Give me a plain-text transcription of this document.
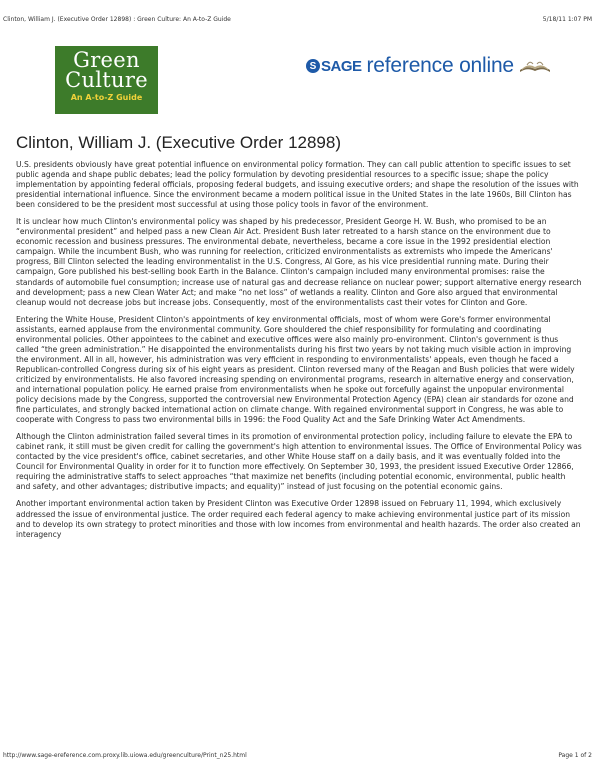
Clinton, William J. (Executive Order 12898) : Green Culture: An A-to-Z Guide	5/18/11 1:07 PM
Green
Culture
An A-to-Z Guide
S SAGE reference online
Clinton, William J. (Executive Order 12898)

U.S. presidents obviously have great potential influence on environmental policy formation. They can call public attention to specific issues to set public agenda and shape public debates; lead the policy formulation by devoting presidential resources to a specific issue; shape the policy implementation by appointing federal officials, proposing federal budgets, and issuing executive orders; and shape the resolution of the issues with presidential international influence. Since the environment became a modern political issue in the United States in the late 1960s, Bill Clinton has been considered to be the president most successful at using those policy tools in favor of the environment.

It is unclear how much Clinton's environmental policy was shaped by his predecessor, President George H. W. Bush, who promised to be an “environmental president” and helped pass a new Clean Air Act. President Bush later retreated to a harsh stance on the environment due to economic recession and business pressures. The environmental debate, nevertheless, became a core issue in the 1992 presidential election campaign. While the incumbent Bush, who was running for reelection, criticized environmentalists as extremists who impede the Americans' progress, Bill Clinton selected the leading environmentalist in the U.S. Congress, Al Gore, as his vice presidential running mate. During their campaign, Gore published his best-selling book Earth in the Balance. Clinton's campaign included many environmental promises: raise the standards of automobile fuel consumption; increase use of natural gas and decrease reliance on nuclear power; support alternative energy research and development; pass a new Clean Water Act; and make “no net loss” of wetlands a reality. Clinton and Gore also argued that environmental cleanup would not decrease jobs but increase jobs. Consequently, most of the environmentalists cast their votes for Clinton and Gore.

Entering the White House, President Clinton's appointments of key environmental officials, most of whom were Gore's former environmental assistants, earned applause from the environmental community. Gore shouldered the chief responsibility for formulating and coordinating environmental policies. Other appointees to the cabinet and executive offices were also mainly pro-environment. Clinton's government is thus called “the green administration.” He disappointed the environmentalists during his first two years by not taking much visible action in improving the environment. All in all, however, his administration was very efficient in responding to environmentalists' appeals, even though he faced a Republican-controlled Congress during six of his eight years as president. Clinton reversed many of the Reagan and Bush policies that were widely criticized by environmentalists. He also favored increasing spending on environmental programs, research in alternative energy and conservation, and international population policy. He earned praise from environmentalists when he spoke out forcefully against the unpopular environmental policy decisions made by the Congress, supported the controversial new Environmental Protection Agency (EPA) clean air standards for ozone and fine particulates, and strongly backed international action on climate change. With regained environmental support in Congress, he was able to cooperate with Congress to pass two environmental bills in 1996: the Food Quality Act and the Safe Drinking Water Act Amendments.

Although the Clinton administration failed several times in its promotion of environmental protection policy, including failure to elevate the EPA to cabinet rank, it still must be given credit for calling the government's high attention to environmental issues. The Office of Environmental Policy was contacted by the vice president's office, cabinet secretaries, and other White House staff on a daily basis, and it was eventually folded into the Council for Environmental Quality in order for it to function more effectively. On September 30, 1993, the president issued Executive Order 12866, requiring the administrative staffs to select approaches “that maximize net benefits (including potential economic, environmental, public health and safety, and other advantages; distributive impacts; and equality)” instead of just focusing on the potential economic gains.

Another important environmental action taken by President Clinton was Executive Order 12898 issued on February 11, 1994, which exclusively addressed the issue of environmental justice. The order required each federal agency to make achieving environmental justice part of its mission and to develop its own strategy to protect minorities and those with low incomes from environmental and health hazards. The order also created an interagency

http://www.sage-ereference.com.proxy.lib.uiowa.edu/greenculture/Print_n25.html	Page 1 of 2
